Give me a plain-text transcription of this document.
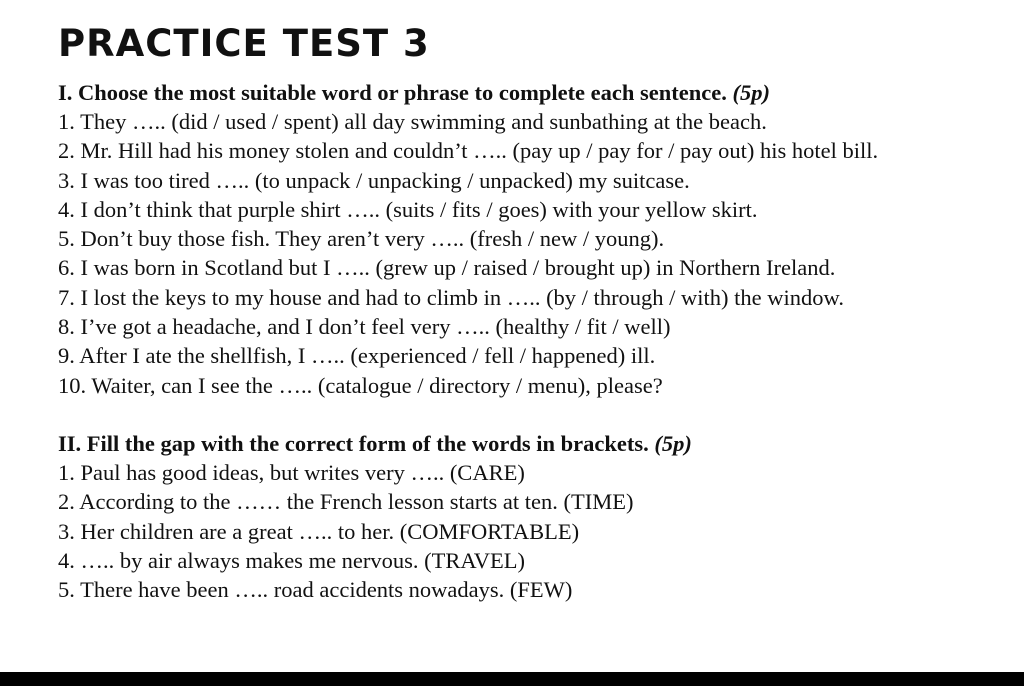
PRACTICE TEST 3

I. Choose the most suitable word or phrase to complete each sentence. (5p)

1. They ….. (did / used / spent) all day swimming and sunbathing at the beach.

2. Mr. Hill had his money stolen and couldn’t ….. (pay up / pay for / pay out) his hotel bill.

3. I was too tired ….. (to unpack / unpacking / unpacked) my suitcase.

4. I don’t think that purple shirt ….. (suits / fits / goes) with your yellow skirt.

5. Don’t buy those fish. They aren’t very ….. (fresh / new / young).

6. I was born in Scotland but I ….. (grew up / raised / brought up) in Northern Ireland.

7. I lost the keys to my house and had to climb in ….. (by / through / with) the window.

8. I’ve got a headache, and I don’t feel very ….. (healthy / fit / well)

9. After I ate the shellfish, I ….. (experienced / fell / happened) ill.

10. Waiter, can I see the ….. (catalogue / directory / menu), please?

II. Fill the gap with the correct form of the words in brackets. (5p)

1. Paul has good ideas, but writes very ….. (CARE)

2. According to the …… the French lesson starts at ten. (TIME)

3. Her children are a great ….. to her. (COMFORTABLE)

4. ….. by air always makes me nervous. (TRAVEL)

5. There have been ….. road accidents nowadays. (FEW)
